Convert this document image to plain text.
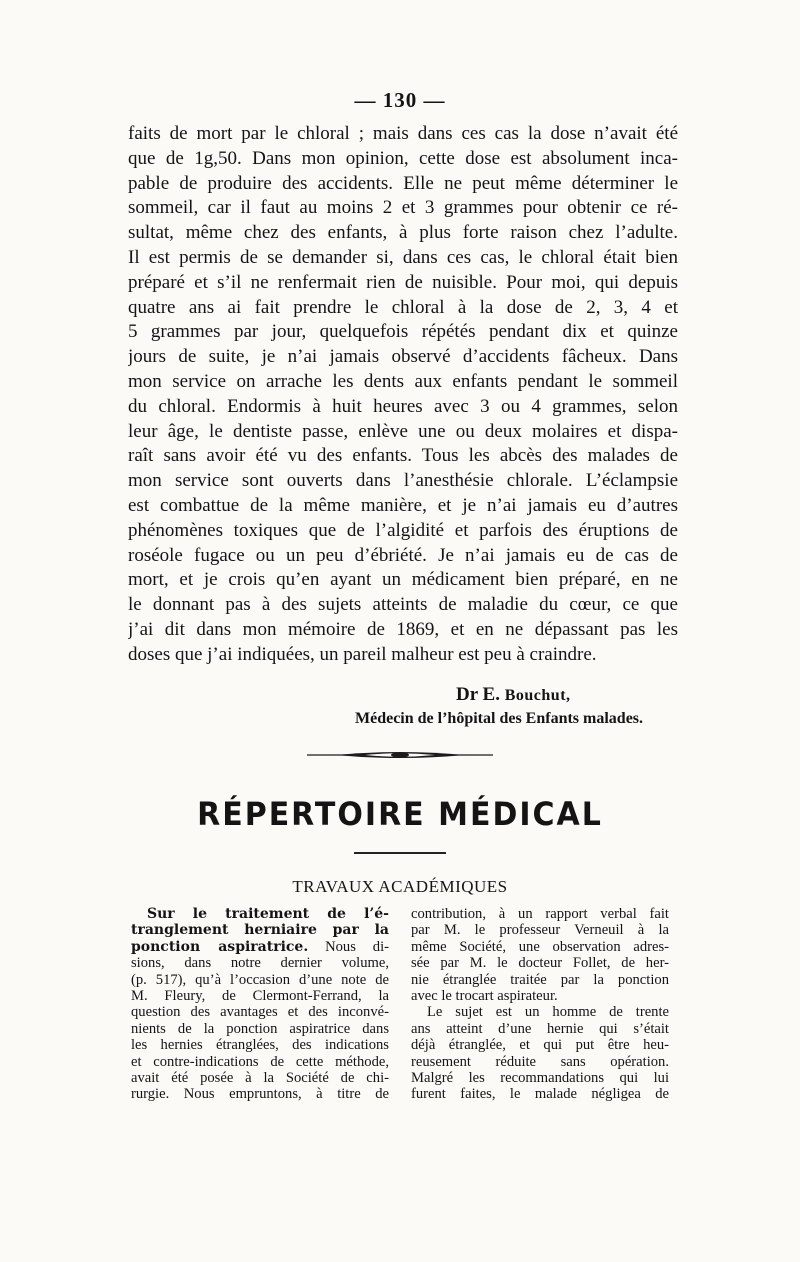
— 130 —
faits de mort par le chloral ; mais dans ces cas la dose n’avait été
que de 1g,50. Dans mon opinion, cette dose est absolument inca-
pable de produire des accidents. Elle ne peut même déterminer le
sommeil, car il faut au moins 2 et 3 grammes pour obtenir ce ré-
sultat, même chez des enfants, à plus forte raison chez l’adulte.
Il est permis de se demander si, dans ces cas, le chloral était bien
préparé et s’il ne renfermait rien de nuisible. Pour moi, qui depuis
quatre ans ai fait prendre le chloral à la dose de 2, 3, 4 et
5 grammes par jour, quelquefois répétés pendant dix et quinze
jours de suite, je n’ai jamais observé d’accidents fâcheux. Dans
mon service on arrache les dents aux enfants pendant le sommeil
du chloral. Endormis à huit heures avec 3 ou 4 grammes, selon
leur âge, le dentiste passe, enlève une ou deux molaires et dispa-
raît sans avoir été vu des enfants. Tous les abcès des malades de
mon service sont ouverts dans l’anesthésie chlorale. L’éclampsie
est combattue de la même manière, et je n’ai jamais eu d’autres
phénomènes toxiques que de l’algidité et parfois des éruptions de
roséole fugace ou un peu d’ébriété. Je n’ai jamais eu de cas de
mort, et je crois qu’en ayant un médicament bien préparé, en ne
le donnant pas à des sujets atteints de maladie du cœur, ce que
j’ai dit dans mon mémoire de 1869, et en ne dépassant pas les
doses que j’ai indiquées, un pareil malheur est peu à craindre.
Dr E. Bouchut,
Médecin de l’hôpital des Enfants malades.
RÉPERTOIRE MÉDICAL
TRAVAUX ACADÉMIQUES
Sur le traitement de l’é-
tranglement herniaire par la
ponction aspiratrice. Nous di-
sions, dans notre dernier volume,
(p. 517), qu’à l’occasion d’une note de
M. Fleury, de Clermont-Ferrand, la
question des avantages et des inconvé-
nients de la ponction aspiratrice dans
les hernies étranglées, des indications
et contre-indications de cette méthode,
avait été posée à la Société de chi-
rurgie. Nous empruntons, à titre de
contribution, à un rapport verbal fait
par M. le professeur Verneuil à la
même Société, une observation adres-
sée par M. le docteur Follet, de her-
nie étranglée traitée par la ponction
avec le trocart aspirateur.
Le sujet est un homme de trente
ans atteint d’une hernie qui s’était
déjà étranglée, et qui put être heu-
reusement réduite sans opération.
Malgré les recommandations qui lui
furent faites, le malade négligea de
